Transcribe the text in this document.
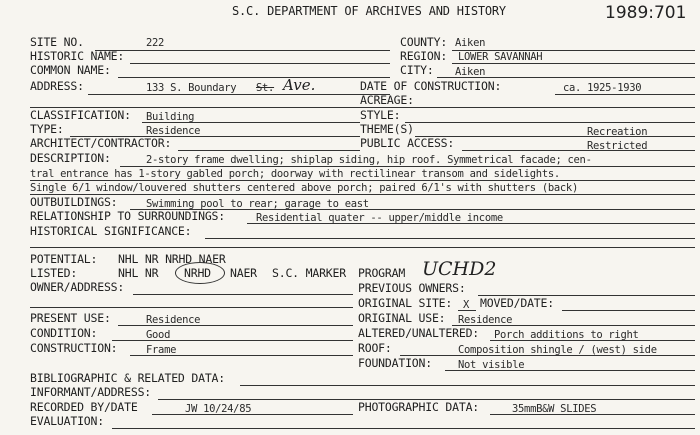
S.C. DEPARTMENT OF ARCHIVES AND HISTORY	1989:701
SITE NO.	222	COUNTY: Aiken
HISTORIC NAME:	REGION: LOWER SAVANNAH
COMMON NAME:	CITY: Aiken
ADDRESS:	133 S. Boundary St. Ave.	DATE OF CONSTRUCTION:	ca. 1925-1930
ACREAGE:
CLASSIFICATION: Building	STYLE:
TYPE:	Residence	THEME(S)	Recreation
ARCHITECT/CONTRACTOR:	PUBLIC ACCESS:	Restricted
DESCRIPTION:	2-story frame dwelling; shiplap siding, hip roof. Symmetrical facade; cen-
tral entrance has 1-story gabled porch; doorway with rectilinear transom and sidelights.
Single 6/1 window/louvered shutters centered above porch; paired 6/1's with shutters (back)
OUTBUILDINGS:	Swimming pool to rear; garage to east
RELATIONSHIP TO SURROUNDINGS:	Residential quater -- upper/middle income
HISTORICAL SIGNIFICANCE:
POTENTIAL: NHL NR NRHD NAER
LISTED:	NHL NR NRHD NAER S.C. MARKER PROGRAM UCHD2
OWNER/ADDRESS:	PREVIOUS OWNERS:
ORIGINAL SITE: X MOVED/DATE:
PRESENT USE:	Residence	ORIGINAL USE: Residence
CONDITION:	Good	ALTERED/UNALTERED: Porch additions to right
CONSTRUCTION:	Frame	ROOF:	Composition shingle / (west) side
FOUNDATION: Not visible
BIBLIOGRAPHIC & RELATED DATA:
INFORMANT/ADDRESS:
RECORDED BY/DATE	JW 10/24/85	PHOTOGRAPHIC DATA:	35mmB&W SLIDES
EVALUATION:
